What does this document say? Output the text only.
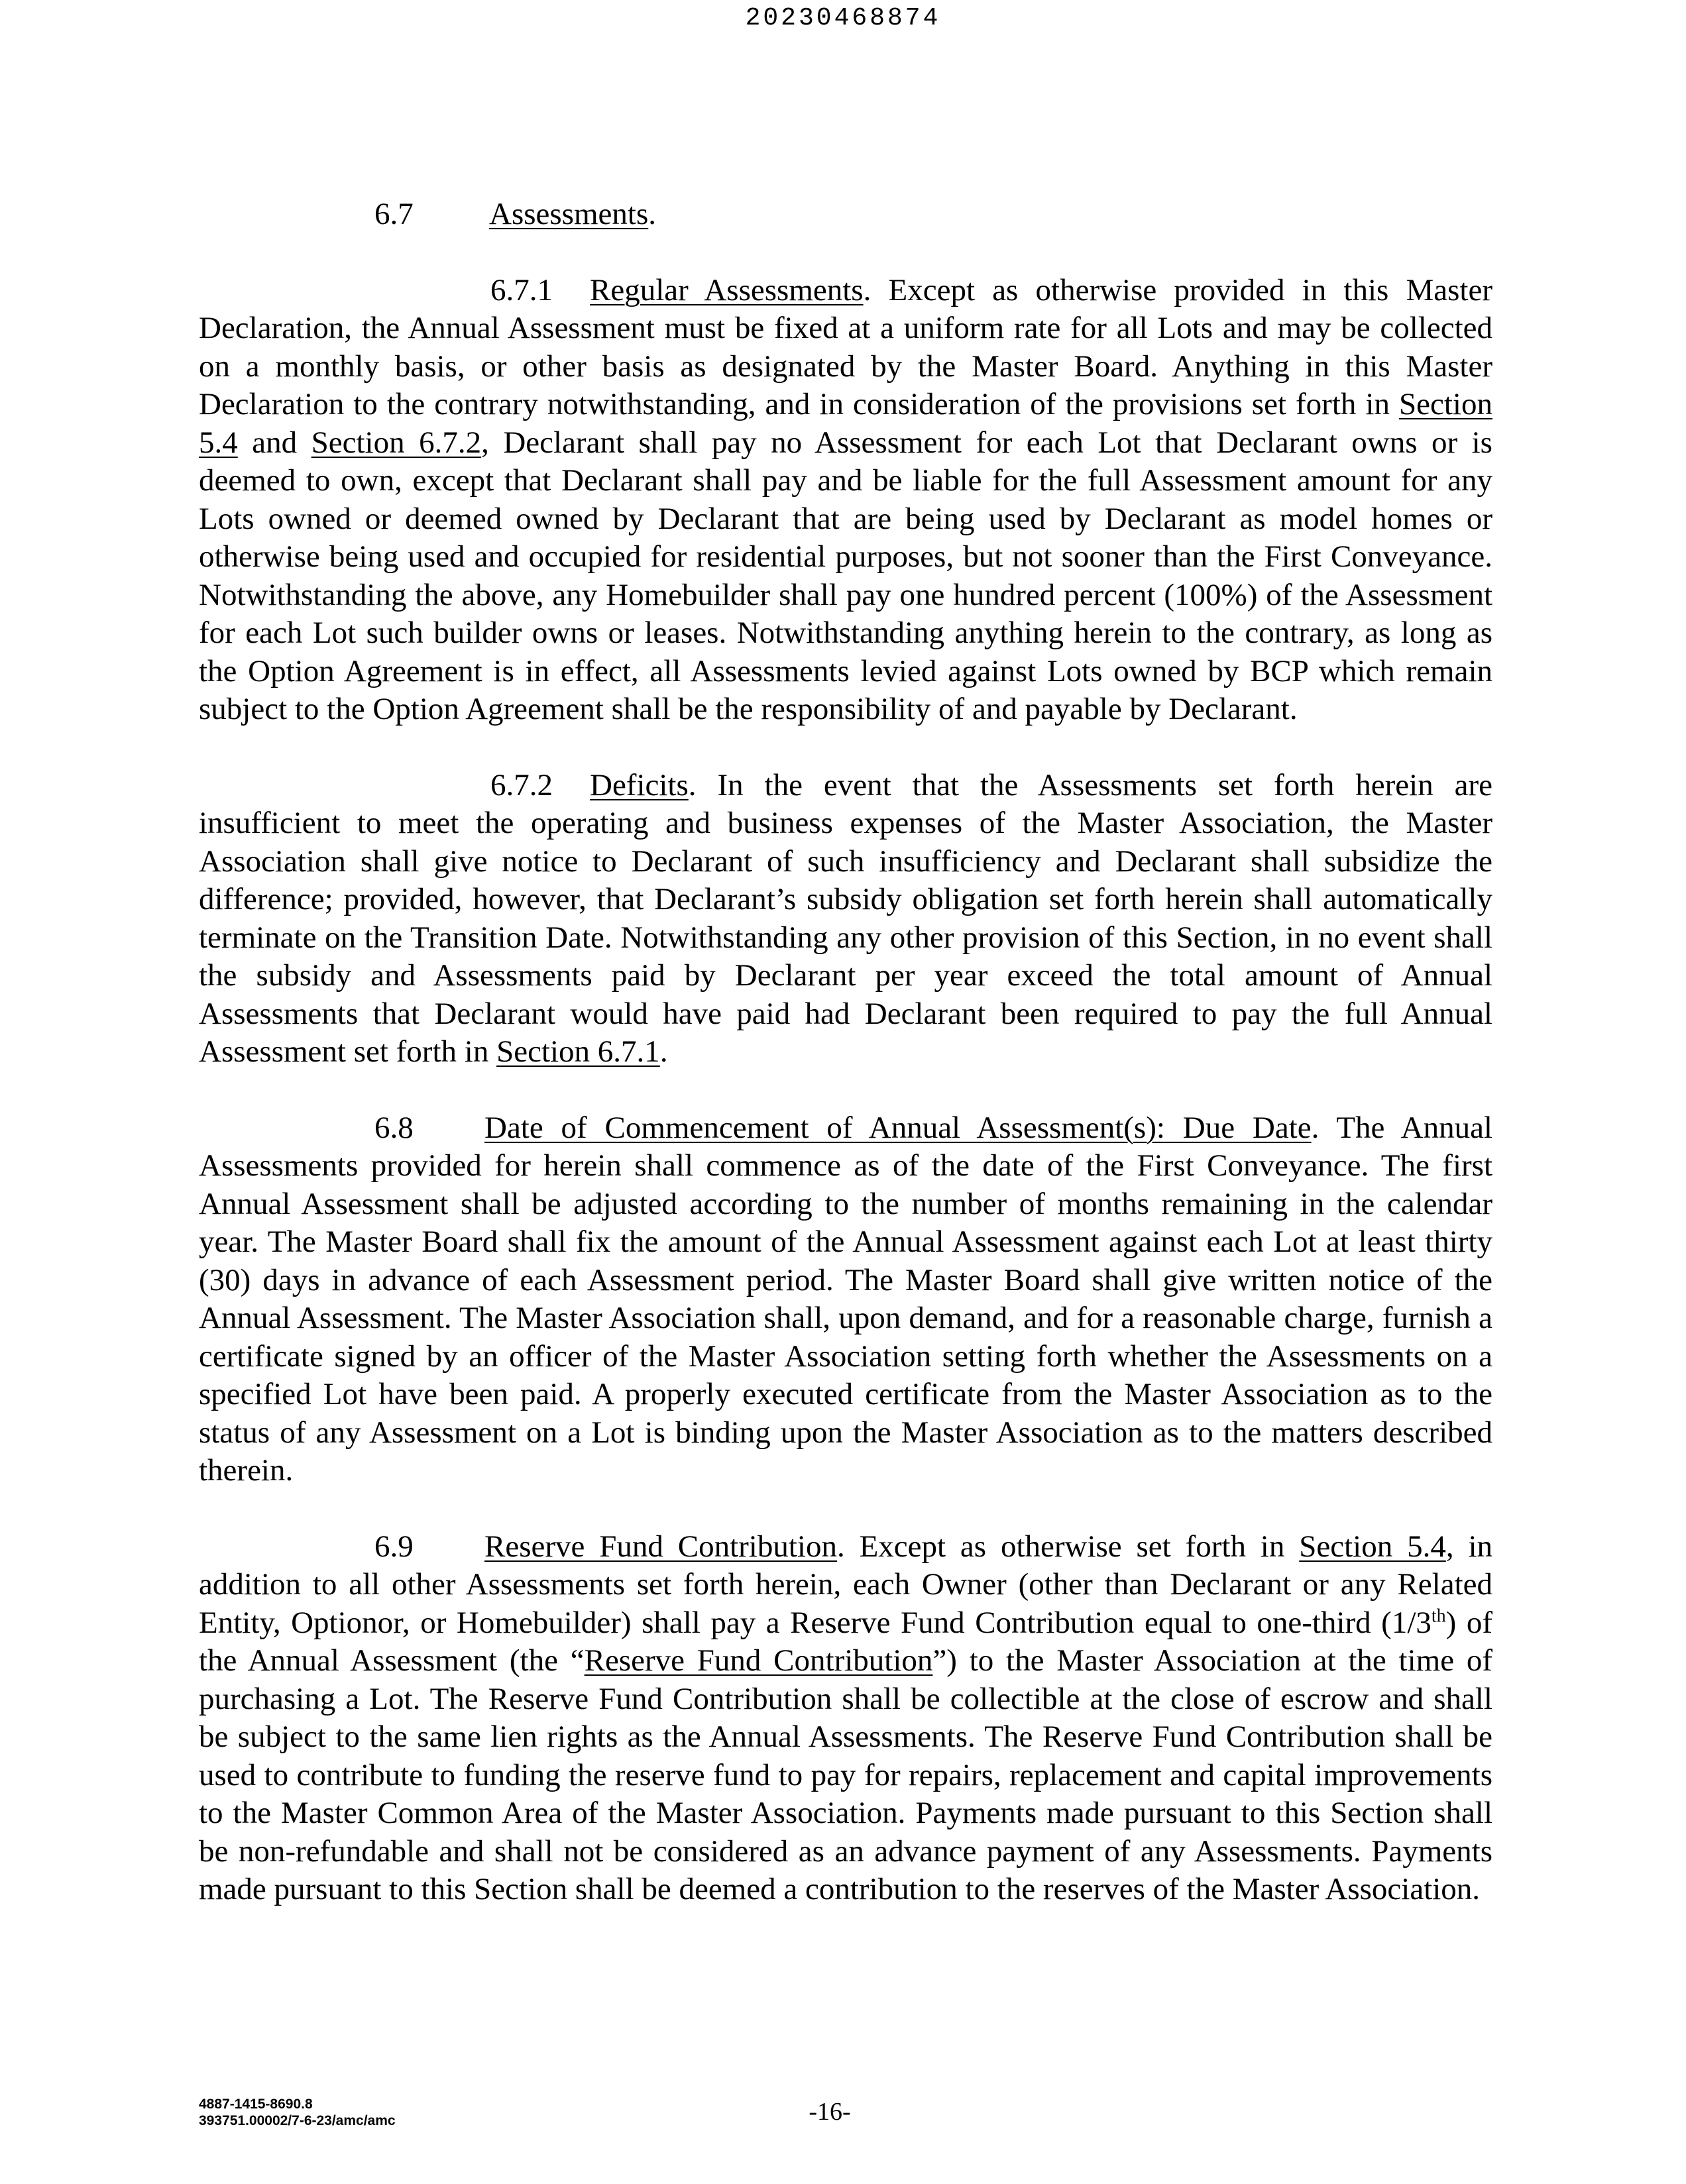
20230468874
6.7 Assessments.

6.7.1 Regular Assessments. Except as otherwise provided in this Master Declaration, the Annual Assessment must be fixed at a uniform rate for all Lots and may be collected on a monthly basis, or other basis as designated by the Master Board. Anything in this Master Declaration to the contrary notwithstanding, and in consideration of the provisions set forth in Section 5.4 and Section 6.7.2, Declarant shall pay no Assessment for each Lot that Declarant owns or is deemed to own, except that Declarant shall pay and be liable for the full Assessment amount for any Lots owned or deemed owned by Declarant that are being used by Declarant as model homes or otherwise being used and occupied for residential purposes, but not sooner than the First Conveyance. Notwithstanding the above, any Homebuilder shall pay one hundred percent (100%) of the Assessment for each Lot such builder owns or leases. Notwithstanding anything herein to the contrary, as long as the Option Agreement is in effect, all Assessments levied against Lots owned by BCP which remain subject to the Option Agreement shall be the responsibility of and payable by Declarant.

6.7.2 Deficits. In the event that the Assessments set forth herein are insufficient to meet the operating and business expenses of the Master Association, the Master Association shall give notice to Declarant of such insufficiency and Declarant shall subsidize the difference; provided, however, that Declarant’s subsidy obligation set forth herein shall automatically terminate on the Transition Date. Notwithstanding any other provision of this Section, in no event shall the subsidy and Assessments paid by Declarant per year exceed the total amount of Annual Assessments that Declarant would have paid had Declarant been required to pay the full Annual Assessment set forth in Section 6.7.1.

6.8 Date of Commencement of Annual Assessment(s): Due Date. The Annual Assessments provided for herein shall commence as of the date of the First Conveyance. The first Annual Assessment shall be adjusted according to the number of months remaining in the calendar year. The Master Board shall fix the amount of the Annual Assessment against each Lot at least thirty (30) days in advance of each Assessment period. The Master Board shall give written notice of the Annual Assessment. The Master Association shall, upon demand, and for a reasonable charge, furnish a certificate signed by an officer of the Master Association setting forth whether the Assessments on a specified Lot have been paid. A properly executed certificate from the Master Association as to the status of any Assessment on a Lot is binding upon the Master Association as to the matters described therein.

6.9 Reserve Fund Contribution. Except as otherwise set forth in Section 5.4, in addition to all other Assessments set forth herein, each Owner (other than Declarant or any Related Entity, Optionor, or Homebuilder) shall pay a Reserve Fund Contribution equal to one-third (1/3th) of the Annual Assessment (the “Reserve Fund Contribution”) to the Master Association at the time of purchasing a Lot. The Reserve Fund Contribution shall be collectible at the close of escrow and shall be subject to the same lien rights as the Annual Assessments. The Reserve Fund Contribution shall be used to contribute to funding the reserve fund to pay for repairs, replacement and capital improvements to the Master Common Area of the Master Association. Payments made pursuant to this Section shall be non-refundable and shall not be considered as an advance payment of any Assessments. Payments made pursuant to this Section shall be deemed a contribution to the reserves of the Master Association.

4887-1415-8690.8
393751.00002/7-6-23/amc/amc	-16-
